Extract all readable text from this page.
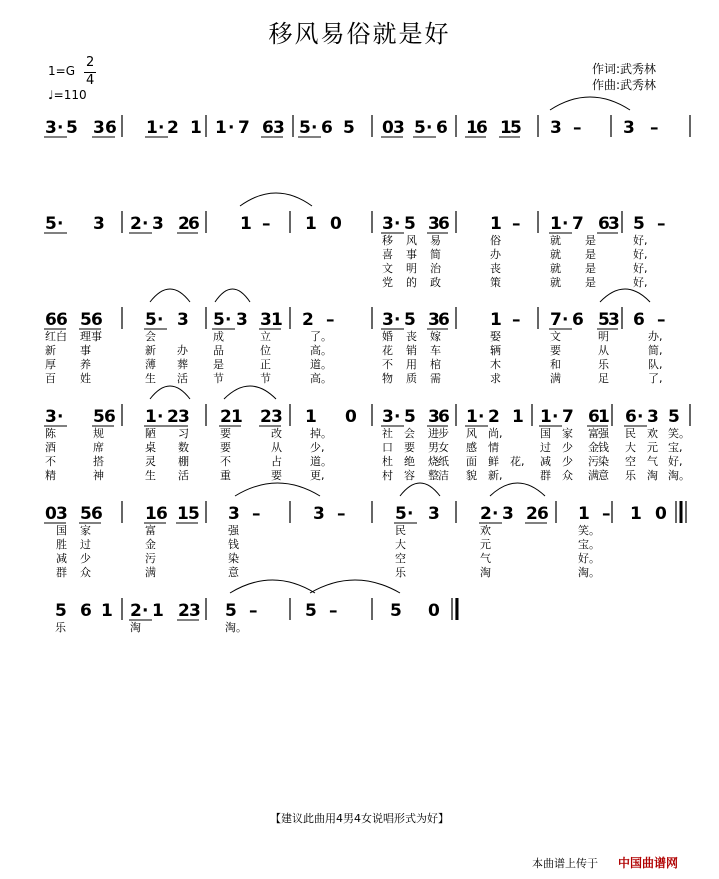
移风易俗就是好
1=G
2
4
♩=110
作词:武秀林
作曲:武秀林
3 · 5 3 6 1 · 2 1 1 · 7 6 3 5 · 6 5 0 3 5 · 6 1
6 1
5 3 – 3 –
5 · 3 2 · 3 2
6 1 – 1 0 3 · 5 3
6 1 – 1 · 7 6
3 5 –
移 风 易	俗	就 是	好,
喜 事 简	办	就 是	好,
文 明 治	丧	就 是	好,
党 的 政	策	就 是	好,
6 6 5 6 5 · 3 5 · 3 3 1 2 –	3 · 5 3
6 1 – 7 · 6 5
3 6 –
红白 理事	会	成	立	了。	婚 丧 嫁	娶	文	明	办,
新 事	新 办 品	位	高。	花 销 车	辆	要	从	简,
厚 养	薄 葬 是	正	道。	不 用 棺	木	和	乐	队,
百 姓	生 活 节	节	高。	物 质 需	求	满	足	了,
3 · 5 6 1 · 2 3 2 1 2 3 1 0 3 · 5 3
6 1 · 2 1 1 · 7 6
1 6 · 3 5
陈	规	陋 习	要	改	掉。	社 会 进 步 风 尚,	国 家 富 强 民 欢 笑。
酒	席	桌 数	要	从	少,	口 要 男 女 感 情	过 少 金 钱 大 元 宝,
不	搭	灵 棚	不	占	道。	杜 绝 烧 纸 面 鲜 花, 减 少 污 染 空 气 好,
精	神	生 活	重	要	更,	村 容 整 洁 貌 新,	群 众 满 意 乐 淘 淘。
0 3 5 6 1 6 1 5 3 –	3 –	5 · 3 2 · 3 2 6 1 – 1 0
国 家	富	强	民	欢	笑。
胜 过	金	钱	大	元	宝。
减 少	污	染	空	气	好。
群 众	满	意	乐	淘	淘。
5 6 1 2 · 1 2 3 5 –	5 –	5 0
乐	淘	淘。
【建议此曲用4男4女说唱形式为好】
本曲谱上传于 中国曲谱网
